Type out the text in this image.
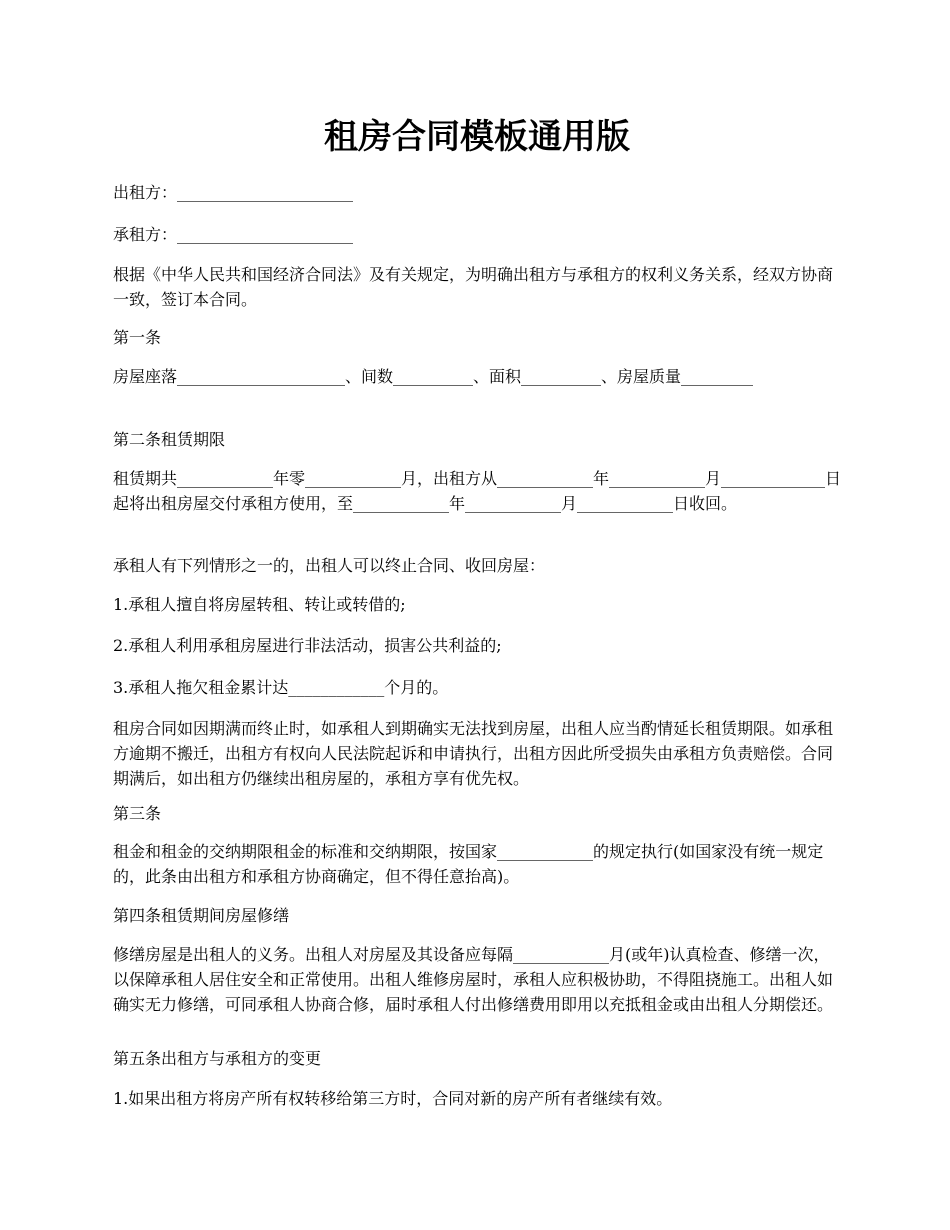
租房合同模板通用版

出租方：______________________

承租方：______________________

根据《中华人民共和国经济合同法》及有关规定，为明确出租方与承租方的权利义务关系，经双方协商一致，签订本合同。

第一条

房屋座落_____________________、间数__________、面积__________、房屋质量_________

第二条租赁期限

租赁期共____________年零____________月，出租方从____________年____________月_____________日起将出租房屋交付承租方使用，至____________年____________月____________日收回。

承租人有下列情形之一的，出租人可以终止合同、收回房屋：

1.承租人擅自将房屋转租、转让或转借的;

2.承租人利用承租房屋进行非法活动，损害公共利益的;

3.承租人拖欠租金累计达____________个月的。

租房合同如因期满而终止时，如承租人到期确实无法找到房屋，出租人应当酌情延长租赁期限。如承租方逾期不搬迁，出租方有权向人民法院起诉和申请执行，出租方因此所受损失由承租方负责赔偿。合同期满后，如出租方仍继续出租房屋的，承租方享有优先权。

第三条

租金和租金的交纳期限租金的标准和交纳期限，按国家____________的规定执行(如国家没有统一规定的，此条由出租方和承租方协商确定，但不得任意抬高)。

第四条租赁期间房屋修缮

修缮房屋是出租人的义务。出租人对房屋及其设备应每隔____________月(或年)认真检查、修缮一次，以保障承租人居住安全和正常使用。出租人维修房屋时，承租人应积极协助，不得阻挠施工。出租人如确实无力修缮，可同承租人协商合修，届时承租人付出修缮费用即用以充抵租金或由出租人分期偿还。

第五条出租方与承租方的变更

1.如果出租方将房产所有权转移给第三方时，合同对新的房产所有者继续有效。
